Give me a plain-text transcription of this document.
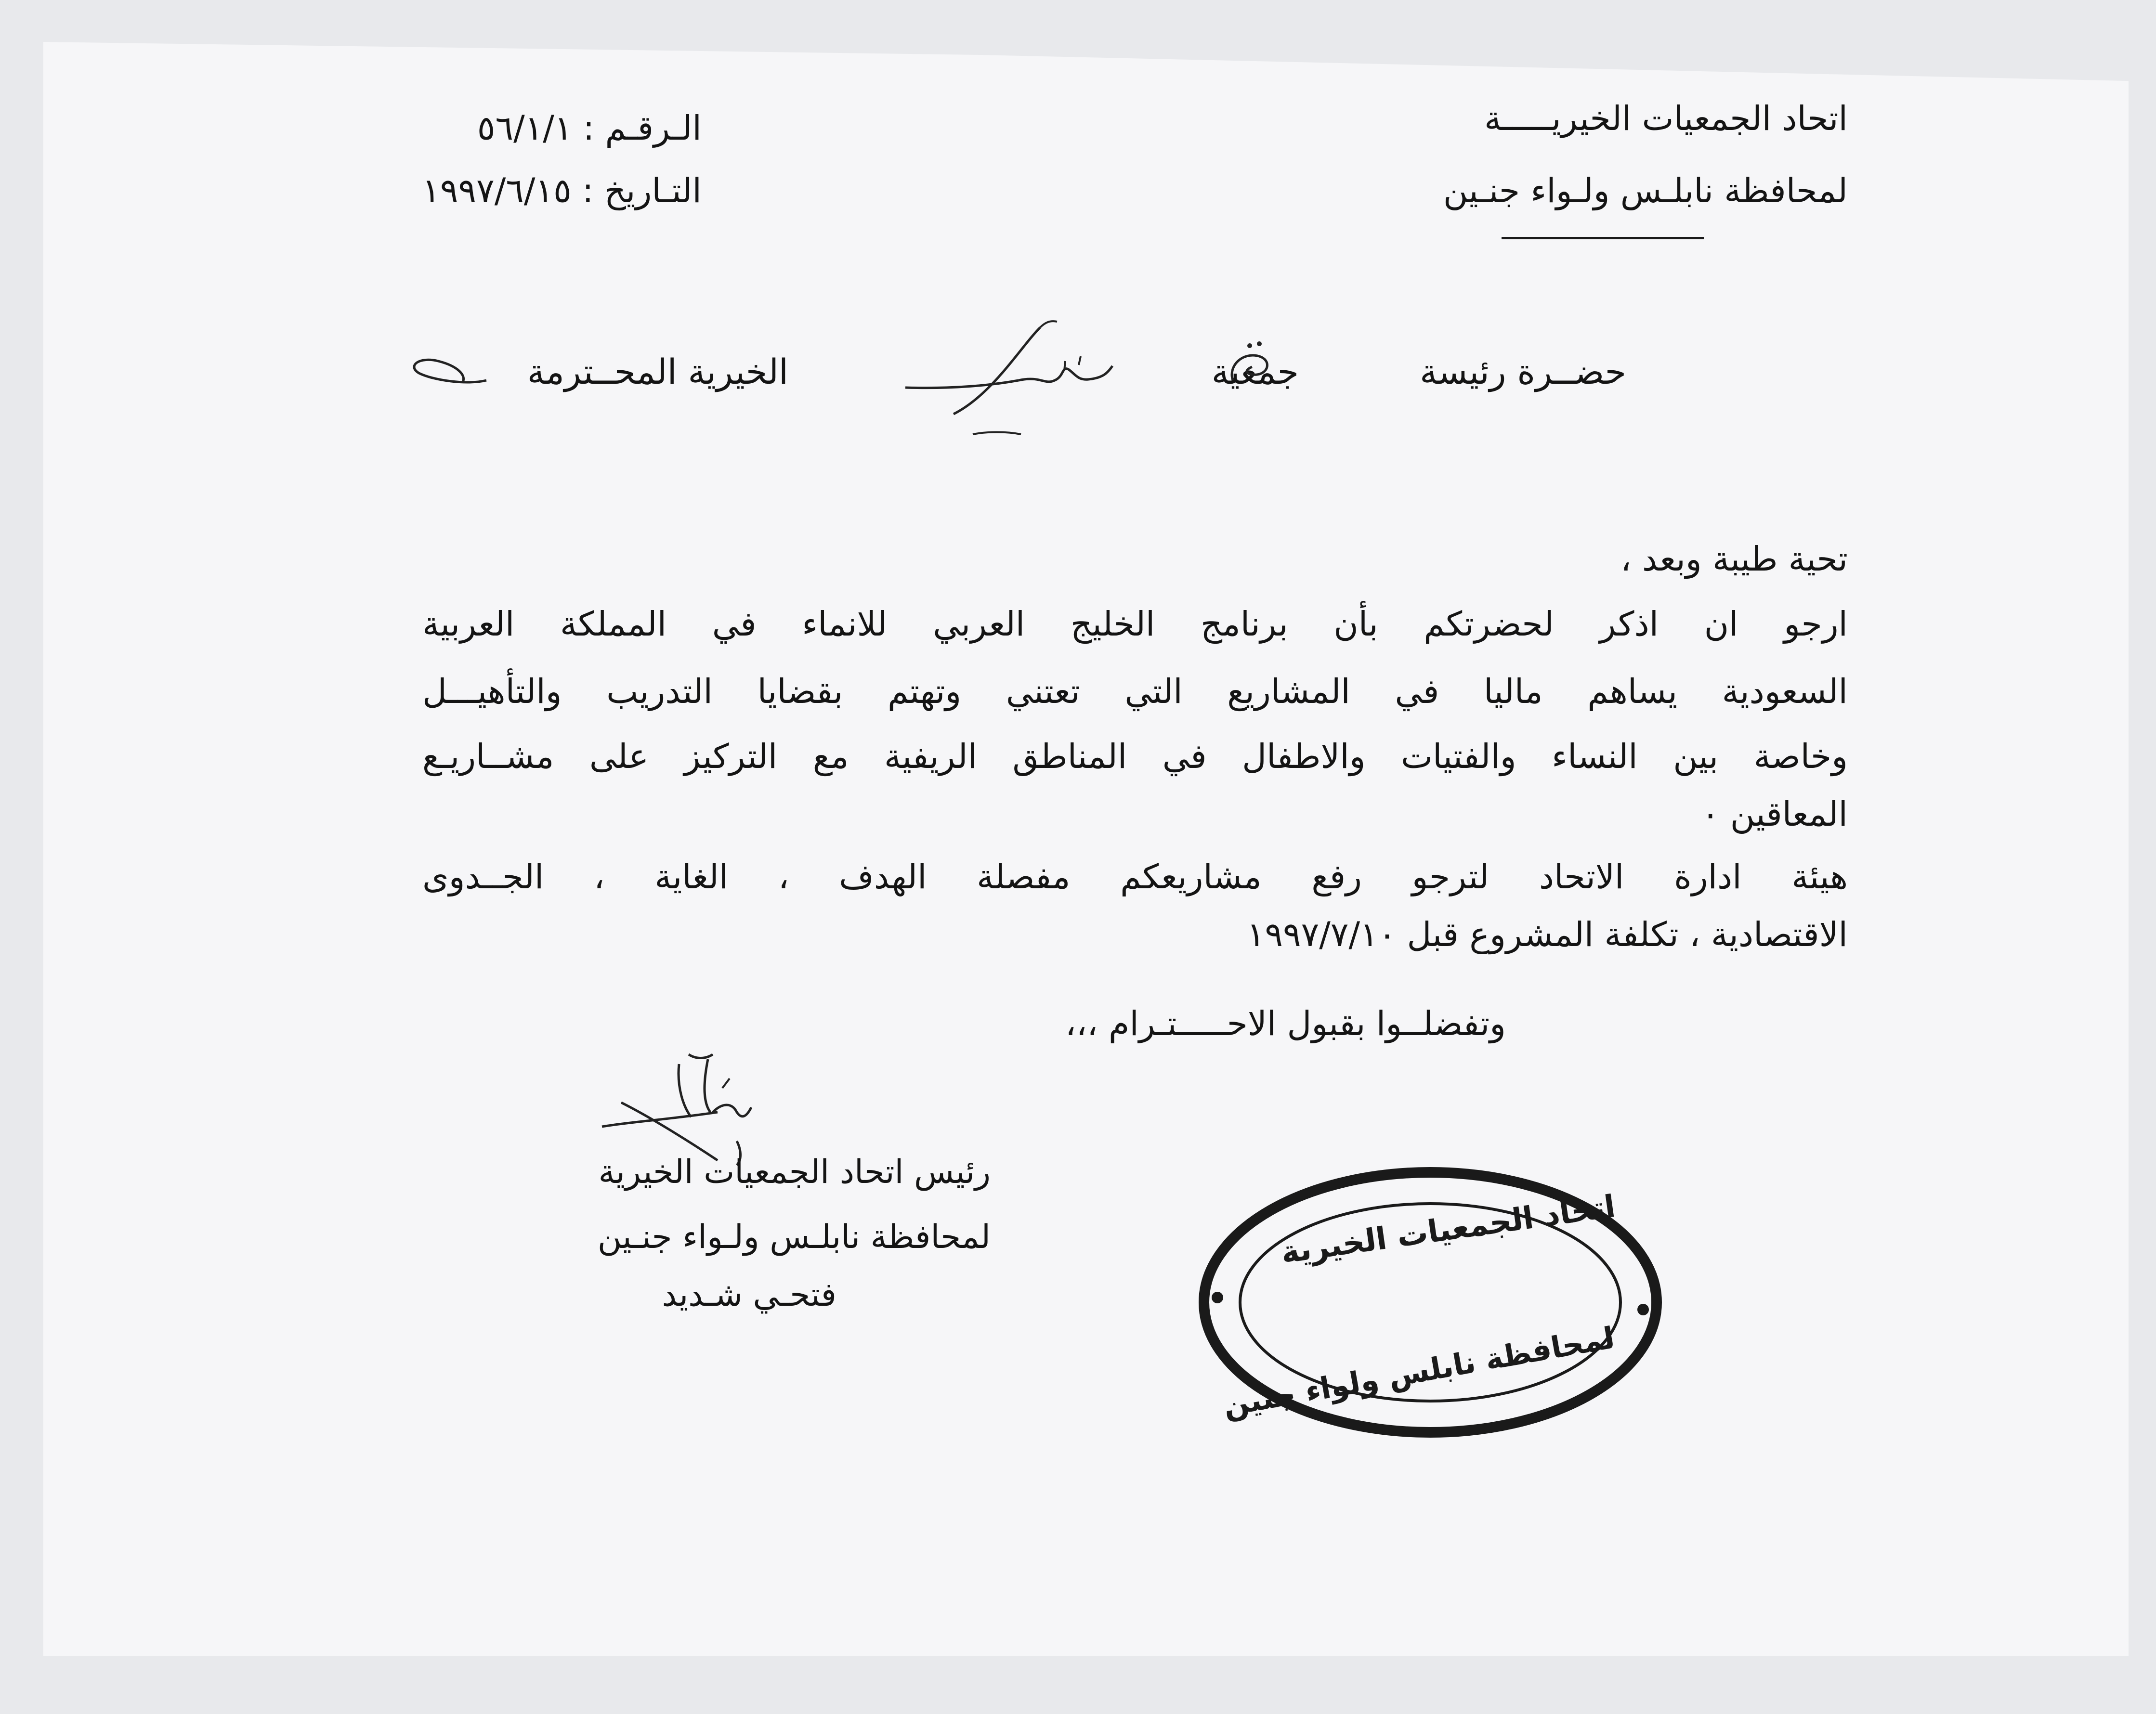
اتحاد الجمعيات الخيريـــــة
لمحافظة نابلـس ولـواء جنـين
الـرقـم : ٥٦/١/١
التـاريخ : ١٩٩٧/٦/١٥
حضــرة رئيسة
جمعية
الخيرية المحــترمة
تحية طيبة وبعد ،
ارجو ان اذكر لحضرتكم بأن برنامج الخليج العربي للانماء في المملكة العربية
السعودية يساهم ماليا في المشاريع التي تعتني وتهتم بقضايا التدريب والتأهيـــل
وخاصة بين النساء والفتيات والاطفال في المناطق الريفية مع التركيز على مشــاريـع
المعاقين ٠
هيئة ادارة الاتحاد لترجو رفع مشاريعكم مفصلة الهدف ، الغاية ، الجــدوى
الاقتصادية ، تكلفة المشروع قبل ١٩٩٧/٧/١٠
وتفضلــوا بقبول الاحـــــتـرام ،،،
رئيس اتحاد الجمعيات الخيرية
لمحافظة نابلـس ولـواء جنـين
فتحـي شـديد
اتحاد الجمعيات الخيرية
لمحافظة نابلس ولواء جنين
